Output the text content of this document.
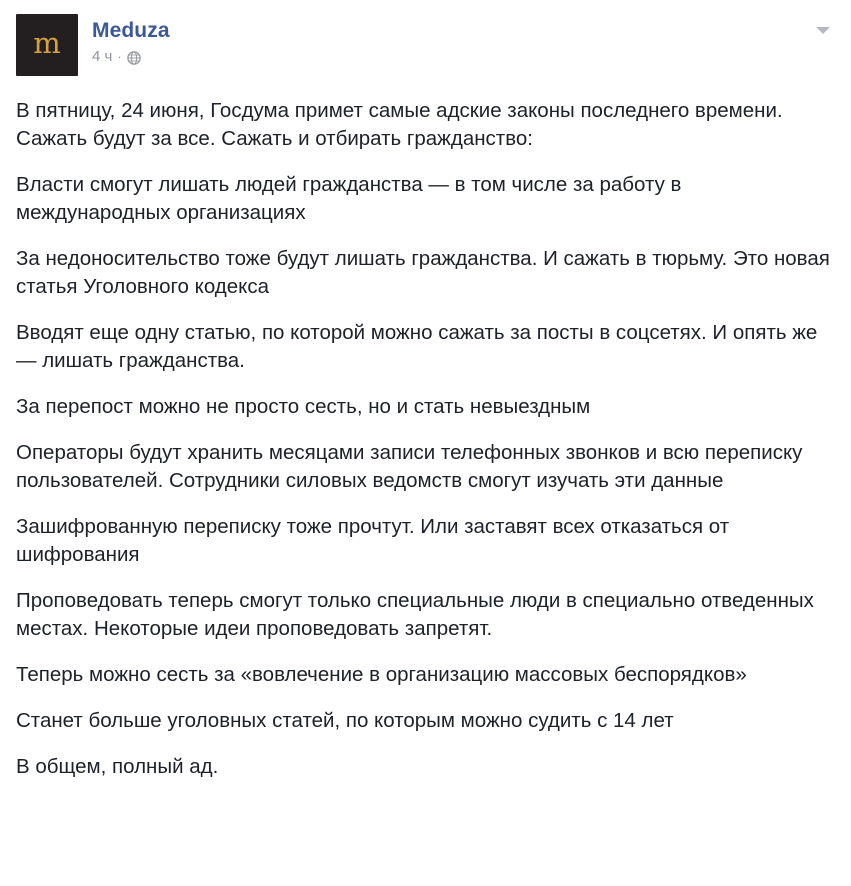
m Meduza
4 ч ·

В пятницу, 24 июня, Госдума примет самые адские законы последнего времени. Сажать будут за все. Сажать и отбирать гражданство:

Власти смогут лишать людей гражданства — в том числе за работу в международных организациях

За недоносительство тоже будут лишать гражданства. И сажать в тюрьму. Это новая статья Уголовного кодекса

Вводят еще одну статью, по которой можно сажать за посты в соцсетях. И опять же — лишать гражданства.

За перепост можно не просто сесть, но и стать невыездным

Операторы будут хранить месяцами записи телефонных звонков и всю переписку пользователей. Сотрудники силовых ведомств смогут изучать эти данные

Зашифрованную переписку тоже прочтут. Или заставят всех отказаться от шифрования

Проповедовать теперь смогут только специальные люди в специально отведенных местах. Некоторые идеи проповедовать запретят.

Теперь можно сесть за «вовлечение в организацию массовых беспорядков»

Станет больше уголовных статей, по которым можно судить с 14 лет

В общем, полный ад.
